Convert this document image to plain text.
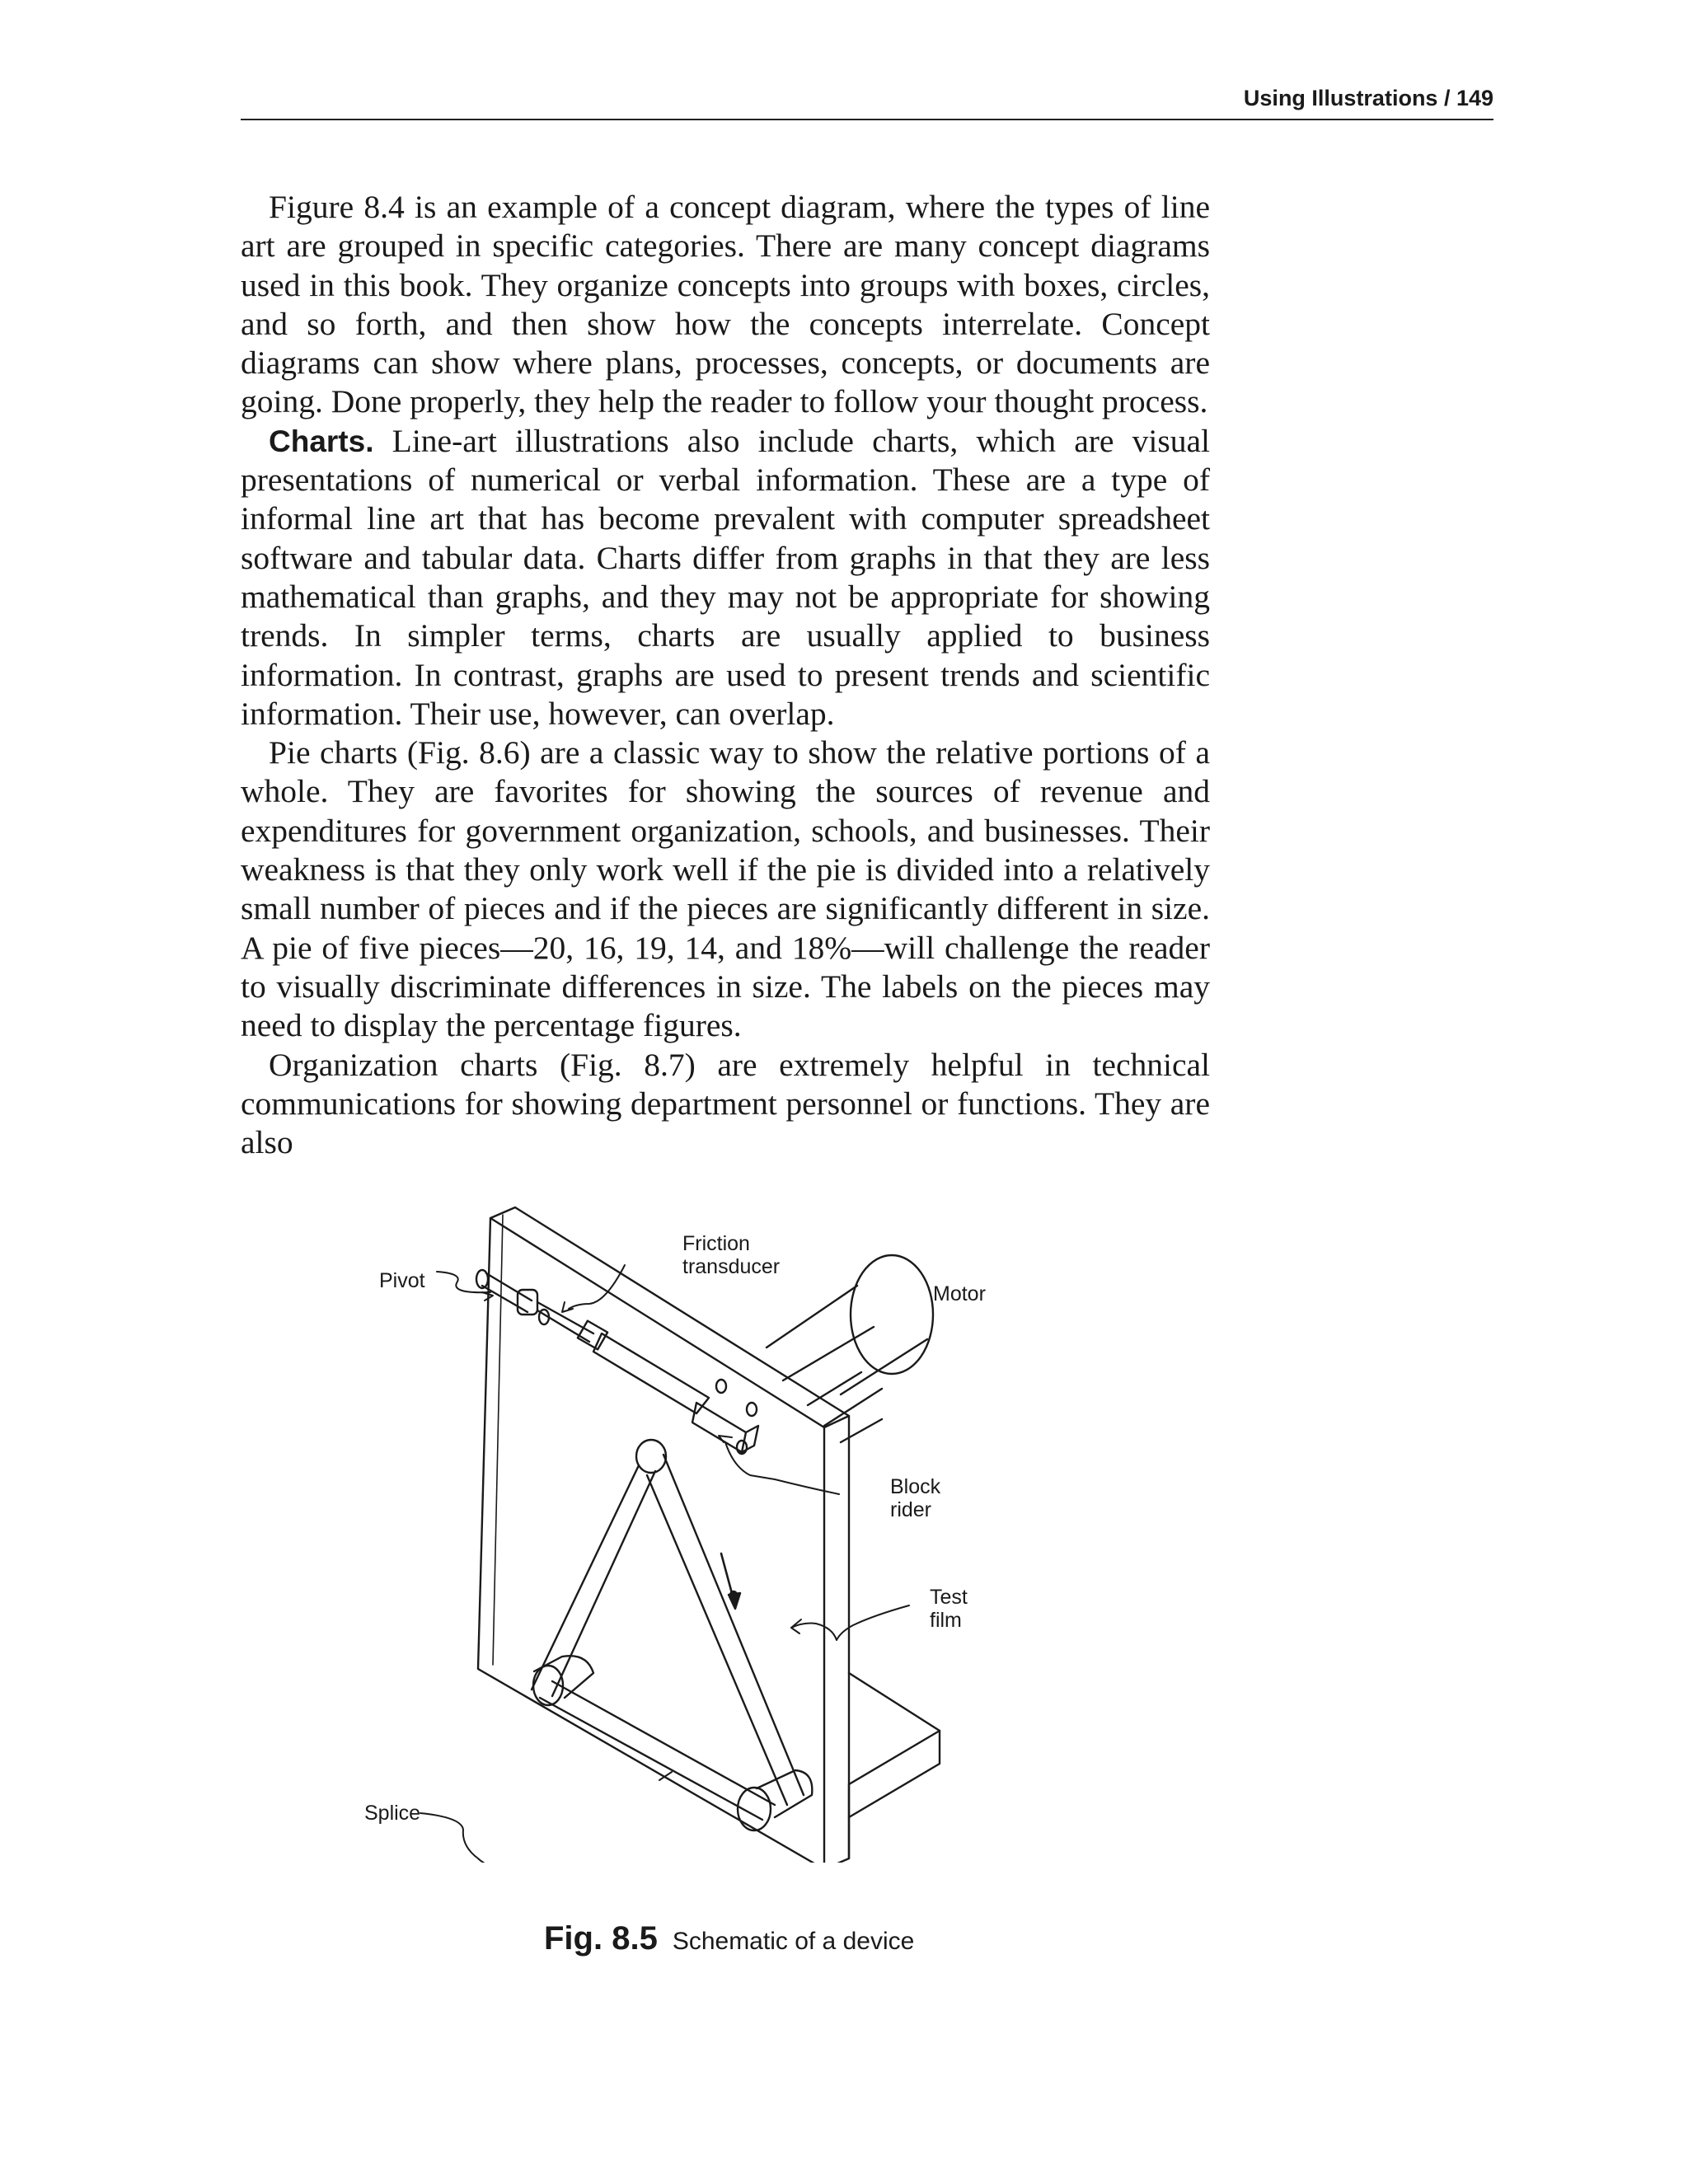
Using Illustrations / 149

Figure 8.4 is an example of a concept diagram, where the types of line art are grouped in specific categories. There are many concept diagrams used in this book. They organize concepts into groups with boxes, circles, and so forth, and then show how the concepts interrelate. Concept diagrams can show where plans, processes, concepts, or documents are going. Done properly, they help the reader to follow your thought process.

Charts. Line-art illustrations also include charts, which are visual presentations of numerical or verbal information. These are a type of informal line art that has become prevalent with computer spreadsheet software and tabular data. Charts differ from graphs in that they are less mathematical than graphs, and they may not be appropriate for showing trends. In simpler terms, charts are usually applied to business information. In contrast, graphs are used to present trends and scientific information. Their use, however, can overlap.

Pie charts (Fig. 8.6) are a classic way to show the relative portions of a whole. They are favorites for showing the sources of revenue and expenditures for government organization, schools, and businesses. Their weakness is that they only work well if the pie is divided into a relatively small number of pieces and if the pieces are significantly different in size. A pie of five pieces—20, 16, 19, 14, and 18%—will challenge the reader to visually discriminate differences in size. The labels on the pieces may need to display the percentage figures.

Organization charts (Fig. 8.7) are extremely helpful in technical communications for showing department personnel or functions. They are also

Friction
transducer
Motor
Pivot
Block
rider
Test
film
Splice
Fig. 8.5 Schematic of a device
